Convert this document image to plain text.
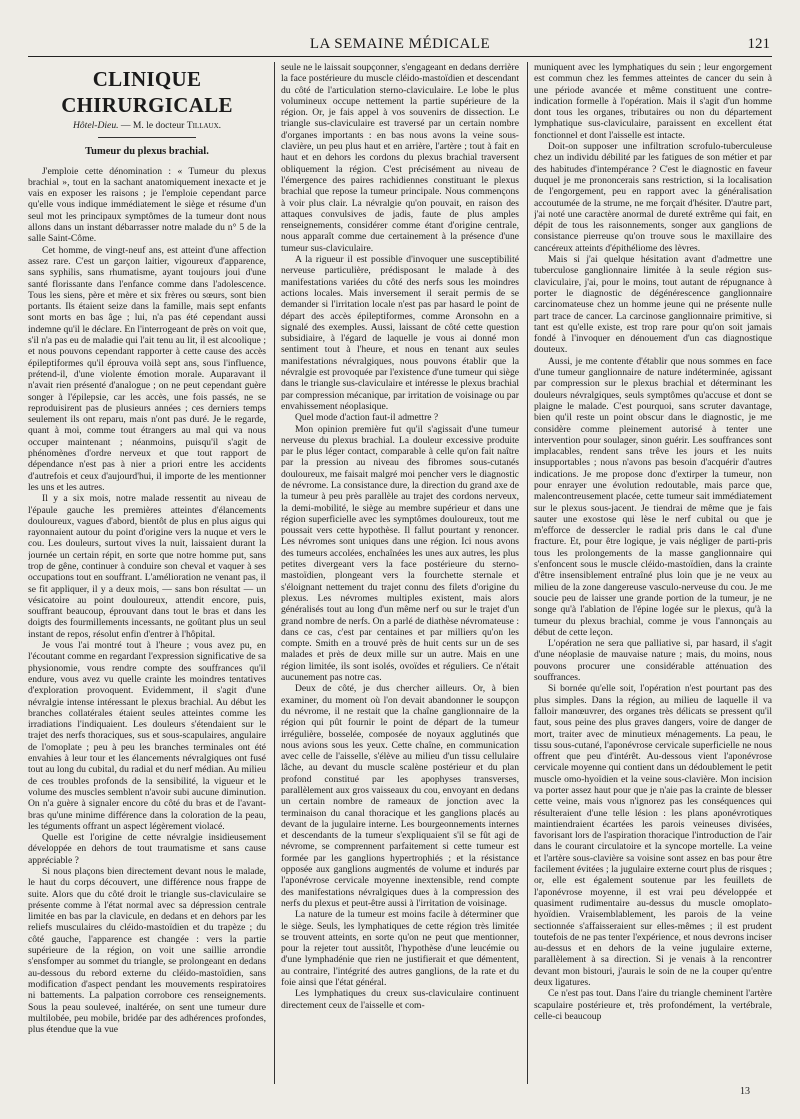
LA SEMAINE MÉDICALE	121
CLINIQUE CHIRURGICALE
Hôtel-Dieu. — M. le docteur Tillaux.
Tumeur du plexus brachial.

J'emploie cette dénomination : « Tumeur du plexus brachial », tout en la sachant anatomiquement inexacte et je vais en exposer les raisons ; je l'emploie cependant parce qu'elle vous indique immédiatement le siège et résume d'un seul mot les principaux symptômes de la tumeur dont nous allons dans un instant débarrasser notre malade du n° 5 de la salle Saint-Côme.

Cet homme, de vingt-neuf ans, est atteint d'une affection assez rare. C'est un garçon laitier, vigoureux d'apparence, sans syphilis, sans rhumatisme, ayant toujours joui d'une santé florissante dans l'enfance comme dans l'adolescence. Tous les siens, père et mère et six frères ou sœurs, sont bien portants. Ils étaient seize dans la famille, mais sept enfants sont morts en bas âge ; lui, n'a pas été cependant aussi indemne qu'il le déclare. En l'interrogeant de près on voit que, s'il n'a pas eu de maladie qui l'ait tenu au lit, il est alcoolique ; et nous pouvons cependant rapporter à cette cause des accès épileptiformes qu'il éprouva voilà sept ans, sous l'influence, prétend-il, d'une violente émotion morale. Auparavant il n'avait rien présenté d'analogue ; on ne peut cependant guère songer à l'épilepsie, car les accès, une fois passés, ne se reproduisirent pas de plusieurs années ; ces derniers temps seulement ils ont reparu, mais n'ont pas duré. Je le regarde, quant à moi, comme tout étrangers au mal qui va nous occuper maintenant ; néanmoins, puisqu'il s'agit de phénomènes d'ordre nerveux et que tout rapport de dépendance n'est pas à nier a priori entre les accidents d'autrefois et ceux d'aujourd'hui, il importe de les mentionner les uns et les autres.

Il y a six mois, notre malade ressentit au niveau de l'épaule gauche les premières atteintes d'élancements douloureux, vagues d'abord, bientôt de plus en plus aigus qui rayonnaient autour du point d'origine vers la nuque et vers le cou. Les douleurs, surtout vives la nuit, laissaient durant la journée un certain répit, en sorte que notre homme put, sans trop de gêne, continuer à conduire son cheval et vaquer à ses occupations tout en souffrant. L'amélioration ne venant pas, il se fit appliquer, il y a deux mois, — sans bon résultat — un vésicatoire au point douloureux, attendit encore, puis, souffrant beaucoup, éprouvant dans tout le bras et dans les doigts des fourmillements incessants, ne goûtant plus un seul instant de repos, résolut enfin d'entrer à l'hôpital.

Je vous l'ai montré tout à l'heure ; vous avez pu, en l'écoutant comme en regardant l'expression significative de sa physionomie, vous rendre compte des souffrances qu'il endure, vous avez vu quelle crainte les moindres tentatives d'exploration provoquent. Evidemment, il s'agit d'une névralgie intense intéressant le plexus brachial. Au début les branches collatérales étaient seules atteintes comme les irradiations l'indiquaient. Les douleurs s'étendaient sur le trajet des nerfs thoraciques, sus et sous-scapulaires, angulaire de l'omoplate ; peu à peu les branches terminales ont été envahies à leur tour et les élancements névralgiques ont fusé tout au long du cubital, du radial et du nerf médian. Au milieu de ces troubles profonds de la sensibilité, la vigueur et le volume des muscles semblent n'avoir subi aucune diminution. On n'a guère à signaler encore du côté du bras et de l'avant-bras qu'une minime différence dans la coloration de la peau, les téguments offrant un aspect légèrement violacé.

Quelle est l'origine de cette névralgie insidieusement développée en dehors de tout traumatisme et sans cause appréciable ?

Si nous plaçons bien directement devant nous le malade, le haut du corps découvert, une différence nous frappe de suite. Alors que du côté droit le triangle sus-claviculaire se présente comme à l'état normal avec sa dépression centrale limitée en bas par la clavicule, en dedans et en dehors par les reliefs musculaires du cléido-mastoïdien et du trapèze ; du côté gauche, l'apparence est changée : vers la partie supérieure de la région, on voit une saillie arrondie s'ensfomper au sommet du triangle, se prolongeant en dedans au-dessous du rebord externe du cléido-mastoïdien, sans modification d'aspect pendant les mouvements respiratoires ni battements. La palpation corrobore ces renseignements. Sous la peau souleveé, inaltérée, on sent une tumeur dure multilobée, peu mobile, bridée par des adhérences profondes, plus étendue que la vue

seule ne le laissait soupçonner, s'engageant en dedans derrière la face postérieure du muscle cléido-mastoïdien et descendant du côté de l'articulation sterno-claviculaire. Le lobe le plus volumineux occupe nettement la partie supérieure de la région. Or, je fais appel à vos souvenirs de dissection. Le triangle sus-claviculaire est traversé par un certain nombre d'organes importants : en bas nous avons la veine sous-clavière, un peu plus haut et en arrière, l'artère ; tout à fait en haut et en dehors les cordons du plexus brachial traversent obliquement la région. C'est précisément au niveau de l'émergence des paires rachidiennes constituant le plexus brachial que repose la tumeur principale. Nous commençons à voir plus clair. La névralgie qu'on pouvait, en raison des attaques convulsives de jadis, faute de plus amples renseignements, considérer comme étant d'origine centrale, nous apparaît comme due certainement à la présence d'une tumeur sus-claviculaire.

A la rigueur il est possible d'invoquer une susceptibilité nerveuse particulière, prédisposant le malade à des manifestations variées du côté des nerfs sous les moindres actions locales. Mais inversement il serait permis de se demander si l'irritation locale n'est pas par hasard le point de départ des accès épileptiformes, comme Aronsohn en a signalé des exemples. Aussi, laissant de côté cette question subsidiaire, à l'égard de laquelle je vous ai donné mon sentiment tout à l'heure, et nous en tenant aux seules manifestations névralgiques, nous pouvons établir que la névralgie est provoquée par l'existence d'une tumeur qui siège dans le triangle sus-claviculaire et intéresse le plexus brachial par compression mécanique, par irritation de voisinage ou par envahissement néoplasique.

Quel mode d'action faut-il admettre ?

Mon opinion première fut qu'il s'agissait d'une tumeur nerveuse du plexus brachial. La douleur excessive produite par le plus léger contact, comparable à celle qu'on fait naître par la pression au niveau des fibromes sous-cutanés douloureux, me faisait malgré moi pencher vers le diagnostic de névrome. La consistance dure, la direction du grand axe de la tumeur à peu près parallèle au trajet des cordons nerveux, la demi-mobilité, le siège au membre supérieur et dans une région superficielle avec les symptômes douloureux, tout me poussait vers cette hypothèse. Il fallut pourtant y renoncer. Les névromes sont uniques dans une région. Ici nous avons des tumeurs accolées, enchaînées les unes aux autres, les plus petites divergeant vers la face postérieure du sterno-mastoïdien, plongeant vers la fourchette sternale et s'éloignant nettement du trajet connu des filets d'origine du plexus. Les névromes multiples existent, mais alors généralisés tout au long d'un même nerf ou sur le trajet d'un grand nombre de nerfs. On a parlé de diathèse névromateuse : dans ce cas, c'est par centaines et par milliers qu'on les compte. Smith en a trouvé près de huit cents sur un de ses malades et près de deux mille sur un autre. Mais en une région limitée, ils sont isolés, ovoïdes et réguliers. Ce n'était aucunement pas notre cas.

Deux de côté, je dus chercher ailleurs. Or, à bien examiner, du moment où l'on devait abandonner le soupçon du névrome, il ne restait que la chaîne ganglionnaire de la région qui pût fournir le point de départ de la tumeur irrégulière, bosselée, composée de noyaux agglutinés que nous avions sous les yeux. Cette chaîne, en communication avec celle de l'aisselle, s'élève au milieu d'un tissu cellulaire lâche, au devant du muscle scalène postérieur et du plan profond constitué par les apophyses transverses, parallèlement aux gros vaisseaux du cou, envoyant en dedans un certain nombre de rameaux de jonction avec la terminaison du canal thoracique et les ganglions placés au devant de la jugulaire interne. Les bourgeonnements internes et descendants de la tumeur s'expliquaient s'il se fût agi de névrome, se comprennent parfaitement si cette tumeur est formée par les ganglions hypertrophiés ; et la résistance opposée aux ganglions augmentés de volume et indurés par l'aponévrose cervicale moyenne inextensible, rend compte des manifestations névralgiques dues à la compression des nerfs du plexus et peut-être aussi à l'irritation de voisinage.

La nature de la tumeur est moins facile à déterminer que le siège. Seuls, les lymphatiques de cette région très limitée se trouvent atteints, en sorte qu'on ne peut que mentionner, pour la rejeter tout aussitôt, l'hypothèse d'une leucémie ou d'une lymphadénie que rien ne justifierait et que démentent, au contraire, l'intégrité des autres ganglions, de la rate et du foie ainsi que l'état général.

Les lymphatiques du creux sus-claviculaire continuent directement ceux de l'aisselle et com-

muniquent avec les lymphatiques du sein ; leur engorgement est commun chez les femmes atteintes de cancer du sein à une période avancée et même constituent une contre-indication formelle à l'opération. Mais il s'agit d'un homme dont tous les organes, tributaires ou non du département lymphatique sus-claviculaire, paraissent en excellent état fonctionnel et dont l'aisselle est intacte.

Doit-on supposer une infiltration scrofulo-tuberculeuse chez un individu débilité par les fatigues de son métier et par des habitudes d'intempérance ? C'est le diagnostic en faveur duquel je me prononcerais sans restriction, si la localisation de l'engorgement, peu en rapport avec la généralisation accoutumée de la strume, ne me forçait d'hésiter. D'autre part, j'ai noté une caractère anormal de dureté extrême qui fait, en dépit de tous les raisonnements, songer aux ganglions de consistance pierreuse qu'on trouve sous le maxillaire des cancéreux atteints d'épithéliome des lèvres.

Mais si j'ai quelque hésitation avant d'admettre une tuberculose ganglionnaire limitée à la seule région sus-claviculaire, j'ai, pour le moins, tout autant de répugnance à porter le diagnostic de dégénérescence ganglionnaire carcinomateuse chez un homme jeune qui ne présente nulle part trace de cancer. La carcinose ganglionnaire primitive, si tant est qu'elle existe, est trop rare pour qu'on soit jamais fondé à l'invoquer en dénouement d'un cas diagnostique douteux.

Aussi, je me contente d'établir que nous sommes en face d'une tumeur ganglionnaire de nature indéterminée, agissant par compression sur le plexus brachial et déterminant les douleurs névralgiques, seuls symptômes qu'accuse et dont se plaigne le malade. C'est pourquoi, sans scruter davantage, bien qu'il reste un point obscur dans le diagnostic, je me considère comme pleinement autorisé à tenter une intervention pour soulager, sinon guérir. Les souffrances sont implacables, rendent sans trêve les jours et les nuits insupportables ; nous n'avons pas besoin d'acquérir d'autres indications. Je me propose donc d'extirper la tumeur, non pour enrayer une évolution redoutable, mais parce que, malencontreusement placée, cette tumeur sait immédiatement sur le plexus sous-jacent. Je tiendrai de même que je fais sauter une exostose qui lèse le nerf cubital ou que je m'efforce de dessercler le radial pris dans le cal d'une fracture. Et, pour être logique, je vais négliger de parti-pris tous les prolongements de la masse ganglionnaire qui s'enfoncent sous le muscle cléido-mastoïdien, dans la crainte d'être insensiblement entraîné plus loin que je ne veux au milieu de la zone dangereuse vasculo-nerveuse du cou. Je me soucie peu de laisser une grande portion de la tumeur, je ne songe qu'à l'ablation de l'épine logée sur le plexus, qu'à la tumeur du plexus brachial, comme je vous l'annonçais au début de cette leçon.

L'opération ne sera que palliative si, par hasard, il s'agit d'une néoplasie de mauvaise nature ; mais, du moins, nous pouvons procurer une considérable atténuation des souffrances.

Si bornée qu'elle soit, l'opération n'est pourtant pas des plus simples. Dans la région, au milieu de laquelle il va falloir manœuvrer, des organes très délicats se pressent qu'il faut, sous peine des plus graves dangers, voire de danger de mort, traiter avec de minutieux ménagements. La peau, le tissu sous-cutané, l'aponévrose cervicale superficielle ne nous offrent que peu d'intérêt. Au-dessous vient l'aponévrose cervicale moyenne qui contient dans un dédoublement le petit muscle omo-hyoïdien et la veine sous-clavière. Mon incision va porter assez haut pour que je n'aie pas la crainte de blesser cette veine, mais vous n'ignorez pas les conséquences qui résulteraient d'une telle lésion : les plans aponévrotiques maintiendraient écartées les parois veineuses divisées, favorisant lors de l'aspiration thoracique l'introduction de l'air dans le courant circulatoire et la syncope mortelle. La veine et l'artère sous-clavière sa voisine sont assez en bas pour être facilement évitées ; la jugulaire externe court plus de risques ; or, elle est également soutenue par les feuillets de l'aponévrose moyenne, il est vrai peu développée et quasiment rudimentaire au-dessus du muscle omoplato-hyoïdien. Vraisemblablement, les parois de la veine sectionnée s'affaisseraient sur elles-mêmes ; il est prudent toutefois de ne pas tenter l'expérience, et nous devrons inciser au-dessus et en dehors de la veine jugulaire externe, parallèlement à sa direction. Si je venais à la rencontrer devant mon bistouri, j'aurais le soin de ne la couper qu'entre deux ligatures.

Ce n'est pas tout. Dans l'aire du triangle cheminent l'artère scapulaire postérieure et, très profondément, la vertébrale, celle-ci beaucoup

13
